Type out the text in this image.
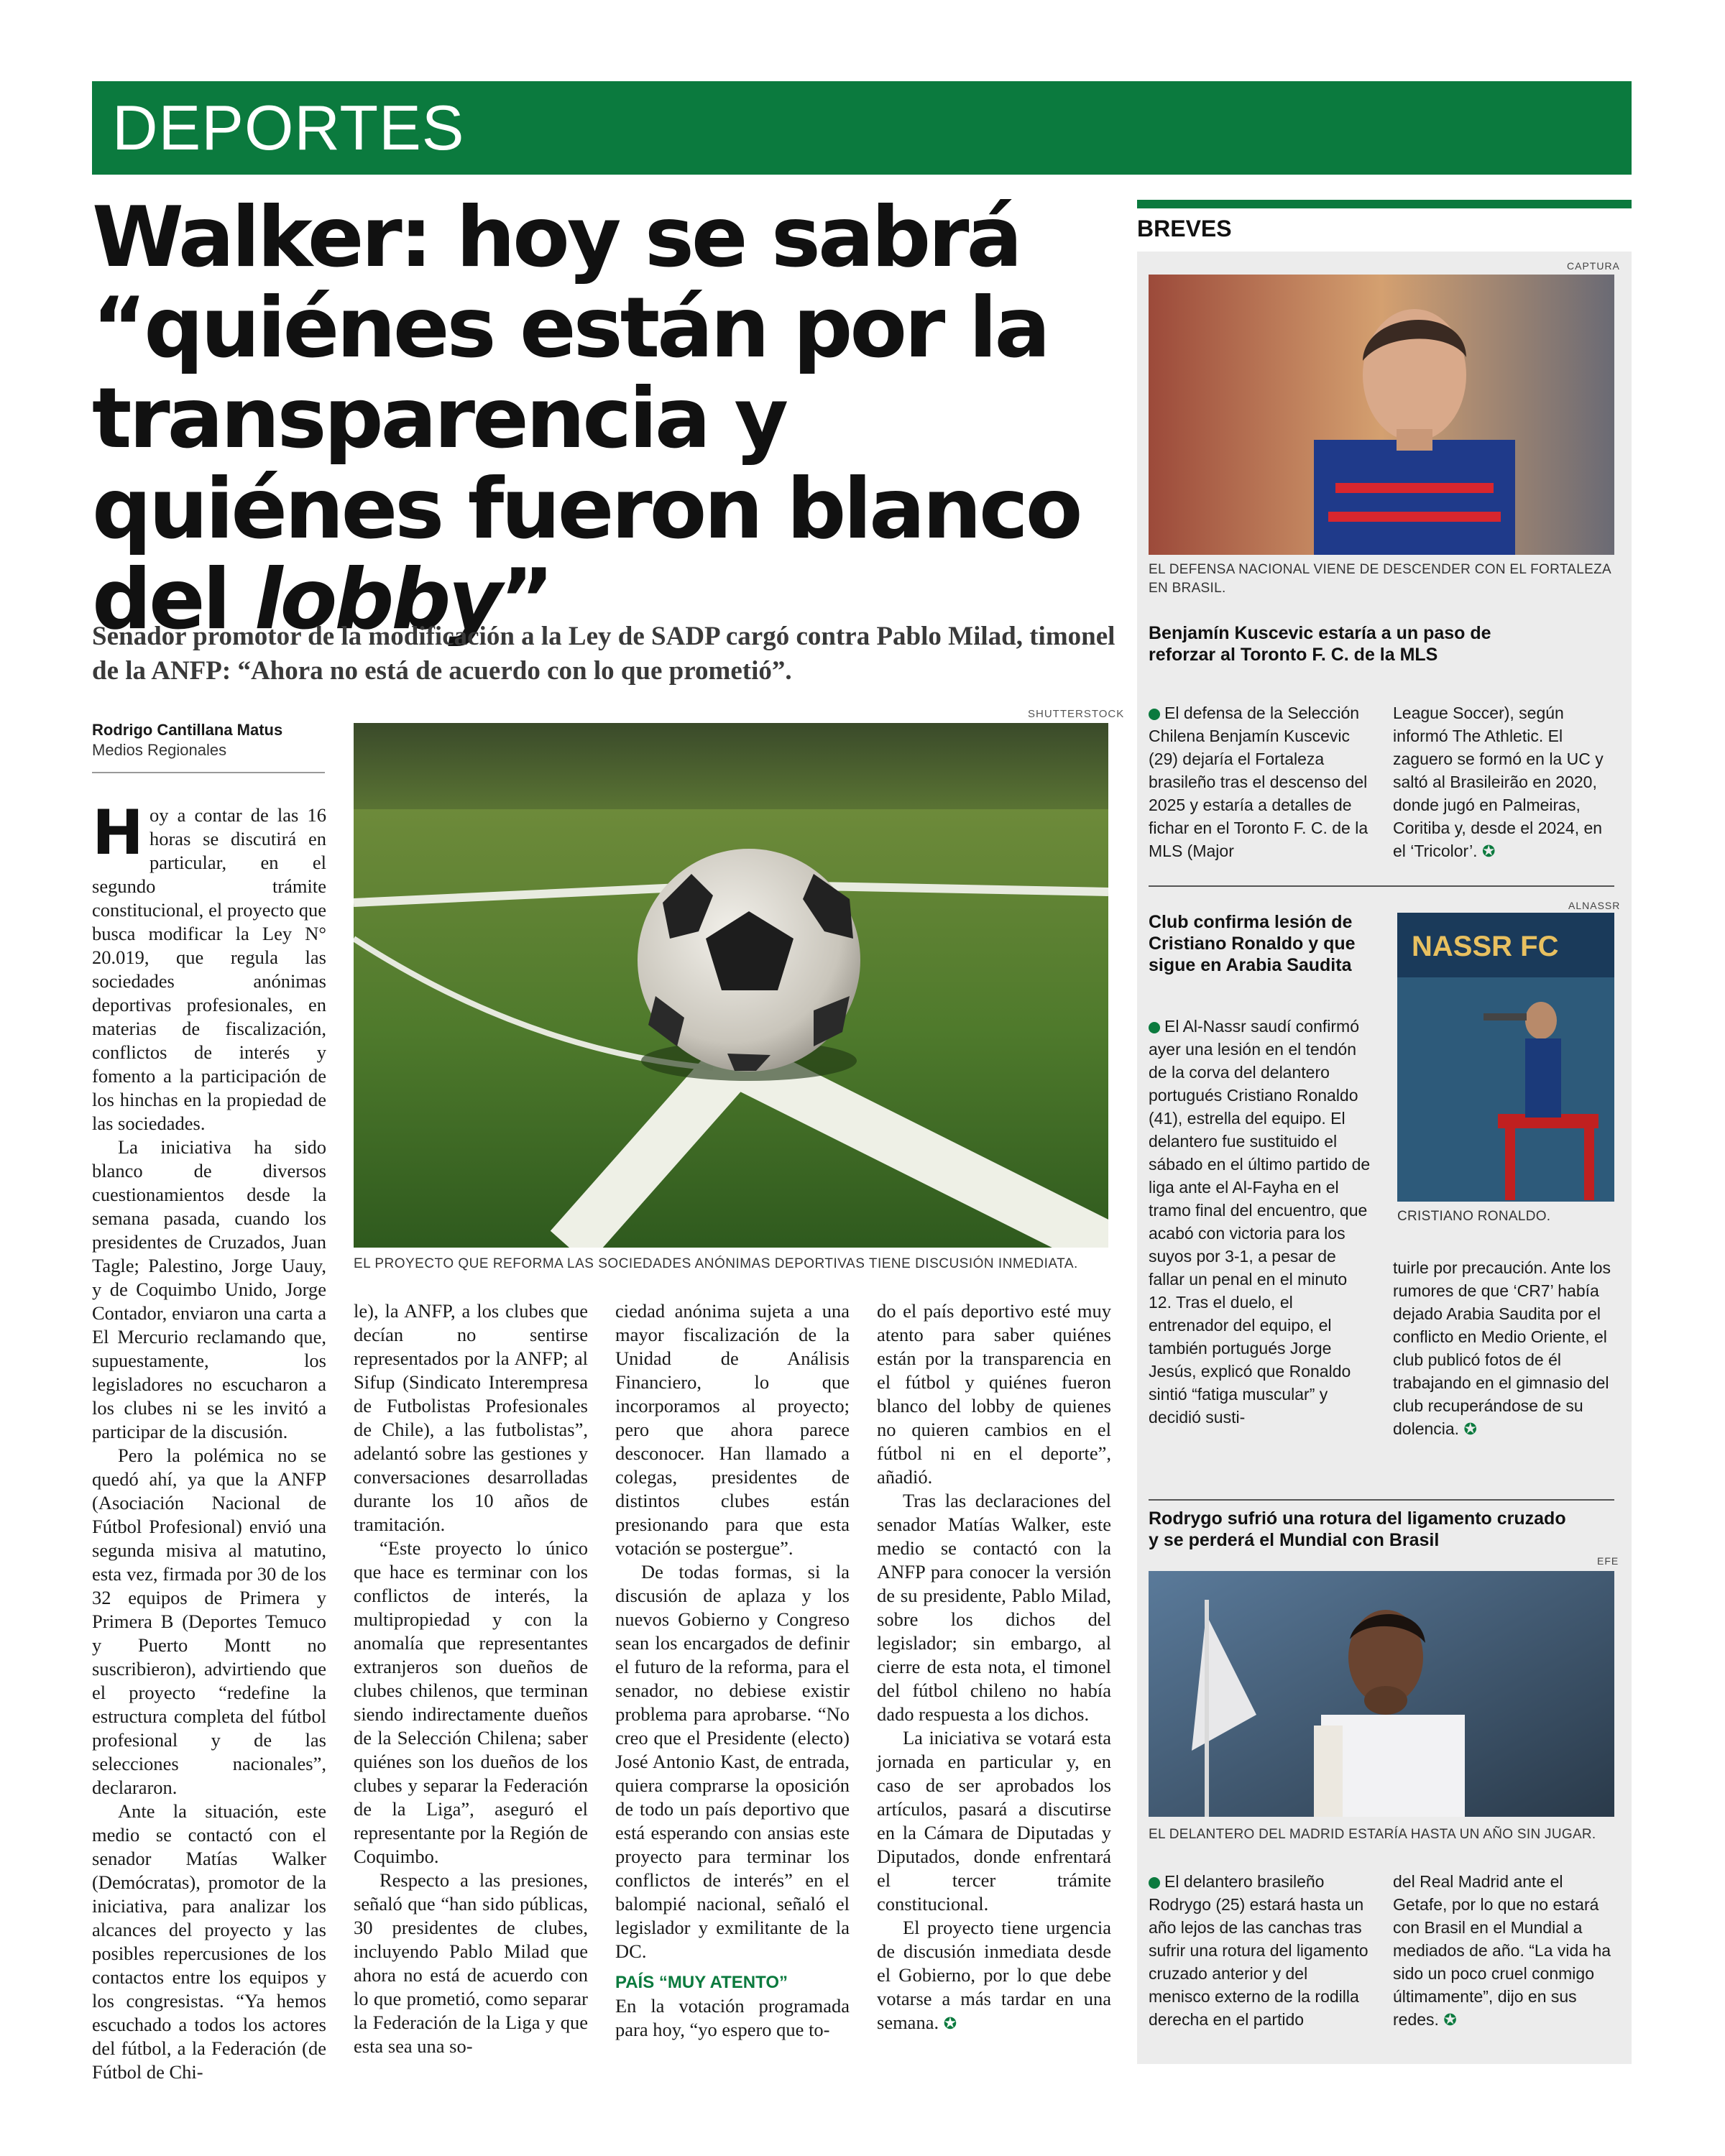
DEPORTES
Walker: hoy se sabrá “quiénes están por la transparencia y quiénes fueron blanco del lobby”

Senador promotor de la modificación a la Ley de SADP cargó contra Pablo Milad, timonel de la ANFP: “Ahora no está de acuerdo con lo que prometió”.

Rodrigo Cantillana Matus
Medios Regionales
SHUTTERSTOCK
EL PROYECTO QUE REFORMA LAS SOCIEDADES ANÓNIMAS DEPORTIVAS TIENE DISCUSIÓN INMEDIATA.

Hoy a contar de las 16 horas se discutirá en particular, en el segundo trámite constitucional, el proyecto que busca modificar la Ley N° 20.019, que regula las sociedades anónimas deportivas profesionales, en materias de fiscalización, conflictos de interés y fomento a la participación de los hinchas en la propiedad de las sociedades.

La iniciativa ha sido blanco de diversos cuestionamientos desde la semana pasada, cuando los presidentes de Cruzados, Juan Tagle; Palestino, Jorge Uauy, y de Coquimbo Unido, Jorge Contador, enviaron una carta a El Mercurio reclamando que, supuestamente, los legisladores no escucharon a los clubes ni se les invitó a participar de la discusión.

Pero la polémica no se quedó ahí, ya que la ANFP (Asociación Nacional de Fútbol Profesional) envió una segunda misiva al matutino, esta vez, firmada por 30 de los 32 equipos de Primera y Primera B (Deportes Temuco y Puerto Montt no suscribieron), advirtiendo que el proyecto “redefine la estructura completa del fútbol profesional y de las selecciones nacionales”, declararon.

Ante la situación, este medio se contactó con el senador Matías Walker (Demócratas), promotor de la iniciativa, para analizar los alcances del proyecto y las posibles repercusiones de los contactos entre los equipos y los congresistas. “Ya hemos escuchado a todos los actores del fútbol, a la Federación (de Fútbol de Chi-

le), la ANFP, a los clubes que decían no sentirse representados por la ANFP; al Sifup (Sindicato Interempresa de Futbolistas Profesionales de Chile), a las futbolistas”, adelantó sobre las gestiones y conversaciones desarrolladas durante los 10 años de tramitación.

“Este proyecto lo único que hace es terminar con los conflictos de interés, la multipropiedad y con la anomalía que representantes extranjeros son dueños de clubes chilenos, que terminan siendo indirectamente dueños de la Selección Chilena; saber quiénes son los dueños de los clubes y separar la Federación de la Liga”, aseguró el representante por la Región de Coquimbo.

Respecto a las presiones, señaló que “han sido públicas, 30 presidentes de clubes, incluyendo Pablo Milad que ahora no está de acuerdo con lo que prometió, como separar la Federación de la Liga y que esta sea una so-

ciedad anónima sujeta a una mayor fiscalización de la Unidad de Análisis Financiero, lo que incorporamos al proyecto; pero que ahora parece desconocer. Han llamado a colegas, presidentes de distintos clubes están presionando para que esta votación se postergue”.

De todas formas, si la discusión de aplaza y los nuevos Gobierno y Congreso sean los encargados de definir el futuro de la reforma, para el senador, no debiese existir problema para aprobarse. “No creo que el Presidente (electo) José Antonio Kast, de entrada, quiera comprarse la oposición de todo un país deportivo que está esperando con ansias este proyecto para terminar los conflictos de interés” en el balompié nacional, señaló el legislador y exmilitante de la DC.

PAÍS “MUY ATENTO”

En la votación programada para hoy, “yo espero que to-

do el país deportivo esté muy atento para saber quiénes están por la transparencia en el fútbol y quiénes fueron blanco del lobby de quienes no quieren cambios en el fútbol ni en el deporte”, añadió.

Tras las declaraciones del senador Matías Walker, este medio se contactó con la ANFP para conocer la versión de su presidente, Pablo Milad, sobre los dichos del legislador; sin embargo, al cierre de esta nota, el timonel del fútbol chileno no había dado respuesta a los dichos.

La iniciativa se votará esta jornada en particular y, en caso de ser aprobados los artículos, pasará a discutirse en la Cámara de Diputadas y Diputados, donde enfrentará el tercer trámite constitucional.

El proyecto tiene urgencia de discusión inmediata desde el Gobierno, por lo que debe votarse a más tardar en una semana. ✪

BREVES
CAPTURA
EL DEFENSA NACIONAL VIENE DE DESCENDER CON EL FORTALEZA EN BRASIL.
Benjamín Kuscevic estaría a un paso de reforzar al Toronto F. C. de la MLS
El defensa de la Selección Chilena Benjamín Kuscevic (29) dejaría el Fortaleza brasileño tras el descenso del 2025 y estaría a detalles de fichar en el Toronto F. C. de la MLS (Major
League Soccer), según informó The Athletic. El zaguero se formó en la UC y saltó al Brasileirão en 2020, donde jugó en Palmeiras, Coritiba y, desde el 2024, en el ‘Tricolor’. ✪
ALNASSR
Club confirma lesión de Cristiano Ronaldo y que sigue en Arabia Saudita
NASSR FC
CRISTIANO RONALDO.
El Al-Nassr saudí confirmó ayer una lesión en el tendón de la corva del delantero portugués Cristiano Ronaldo (41), estrella del equipo. El delantero fue sustituido el sábado en el último partido de liga ante el Al-Fayha en el tramo final del encuentro, que acabó con victoria para los suyos por 3-1, a pesar de fallar un penal en el minuto 12. Tras el duelo, el entrenador del equipo, el también portugués Jorge Jesús, explicó que Ronaldo sintió “fatiga muscular” y decidió susti-
tuirle por precaución. Ante los rumores de que ‘CR7’ había dejado Arabia Saudita por el conflicto en Medio Oriente, el club publicó fotos de él trabajando en el gimnasio del club recuperándose de su dolencia. ✪
Rodrygo sufrió una rotura del ligamento cruzado y se perderá el Mundial con Brasil
EFE
EL DELANTERO DEL MADRID ESTARÍA HASTA UN AÑO SIN JUGAR.
El delantero brasileño Rodrygo (25) estará hasta un año lejos de las canchas tras sufrir una rotura del ligamento cruzado anterior y del menisco externo de la rodilla derecha en el partido
del Real Madrid ante el Getafe, por lo que no estará con Brasil en el Mundial a mediados de año. “La vida ha sido un poco cruel conmigo últimamente”, dijo en sus redes. ✪
